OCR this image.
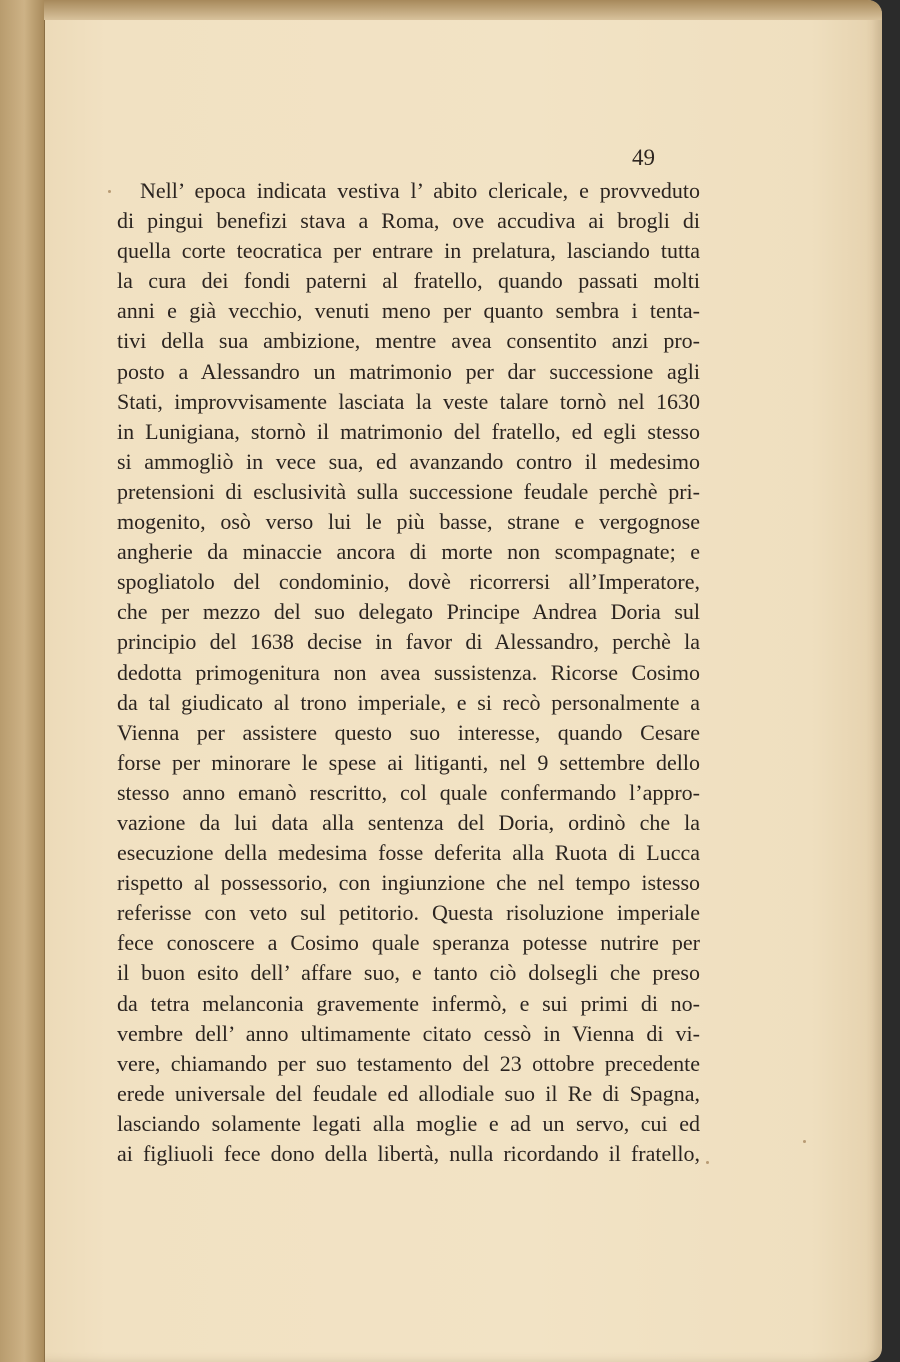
49
Nell’ epoca indicata vestiva l’ abito clericale, e provveduto
di pingui benefizi stava a Roma, ove accudiva ai brogli di
quella corte teocratica per entrare in prelatura, lasciando tutta
la cura dei fondi paterni al fratello, quando passati molti
anni e già vecchio, venuti meno per quanto sembra i tenta-
tivi della sua ambizione, mentre avea consentito anzi pro-
posto a Alessandro un matrimonio per dar successione agli
Stati, improvvisamente lasciata la veste talare tornò nel 1630
in Lunigiana, stornò il matrimonio del fratello, ed egli stesso
si ammogliò in vece sua, ed avanzando contro il medesimo
pretensioni di esclusività sulla successione feudale perchè pri-
mogenito, osò verso lui le più basse, strane e vergognose
angherie da minaccie ancora di morte non scompagnate; e
spogliatolo del condominio, dovè ricorrersi all’Imperatore,
che per mezzo del suo delegato Principe Andrea Doria sul
principio del 1638 decise in favor di Alessandro, perchè la
dedotta primogenitura non avea sussistenza. Ricorse Cosimo
da tal giudicato al trono imperiale, e si recò personalmente a
Vienna per assistere questo suo interesse, quando Cesare
forse per minorare le spese ai litiganti, nel 9 settembre dello
stesso anno emanò rescritto, col quale confermando l’appro-
vazione da lui data alla sentenza del Doria, ordinò che la
esecuzione della medesima fosse deferita alla Ruota di Lucca
rispetto al possessorio, con ingiunzione che nel tempo istesso
referisse con veto sul petitorio. Questa risoluzione imperiale
fece conoscere a Cosimo quale speranza potesse nutrire per
il buon esito dell’ affare suo, e tanto ciò dolsegli che preso
da tetra melanconia gravemente infermò, e sui primi di no-
vembre dell’ anno ultimamente citato cessò in Vienna di vi-
vere, chiamando per suo testamento del 23 ottobre precedente
erede universale del feudale ed allodiale suo il Re di Spagna,
lasciando solamente legati alla moglie e ad un servo, cui ed
ai figliuoli fece dono della libertà, nulla ricordando il fratello,
